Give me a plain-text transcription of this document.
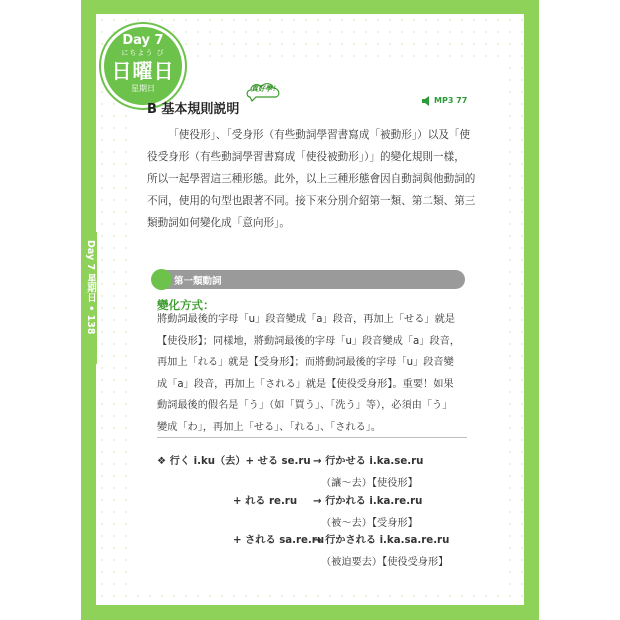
Day 7
にちよう び
日曜日
星期日
Day 7 星期日 • 138
B 基本規則説明
真好學！
MP3 77

「使役形」、「受身形（有些動詞學習書寫成「被動形」）以及「使

役受身形（有些動詞學習書寫成「使役被動形」）」的變化規則一樣，

所以一起學習這三種形態。此外，以上三種形態會因自動詞與他動詞的

不同，使用的句型也跟著不同。接下來分別介紹第一類、第二類、第三

類動詞如何變化成「意向形」。

第一類動詞
變化方式：

將動詞最後的字母「u」段音變成「a」段音，再加上「せる」就是

【使役形】；同樣地，將動詞最後的字母「u」段音變成「a」段音，

再加上「れる」就是【受身形】；而將動詞最後的字母「u」段音變

成「a」段音，再加上「される」就是【使役受身形】。重要！如果

動詞最後的假名是「う」（如「買う」、「洗う」等），必須由「う」

變成「わ」，再加上「せる」、「れる」、「される」。

❖ 行く i.ku（去）+ せる se.ru → 行かせる i.ka.se.ru
（讓～去）【使役形】
+ れる re.ru → 行かれる i.ka.re.ru
（被～去）【受身形】
+ される sa.re.ru
→ 行かされる i.ka.sa.re.ru
（被迫要去）【使役受身形】
